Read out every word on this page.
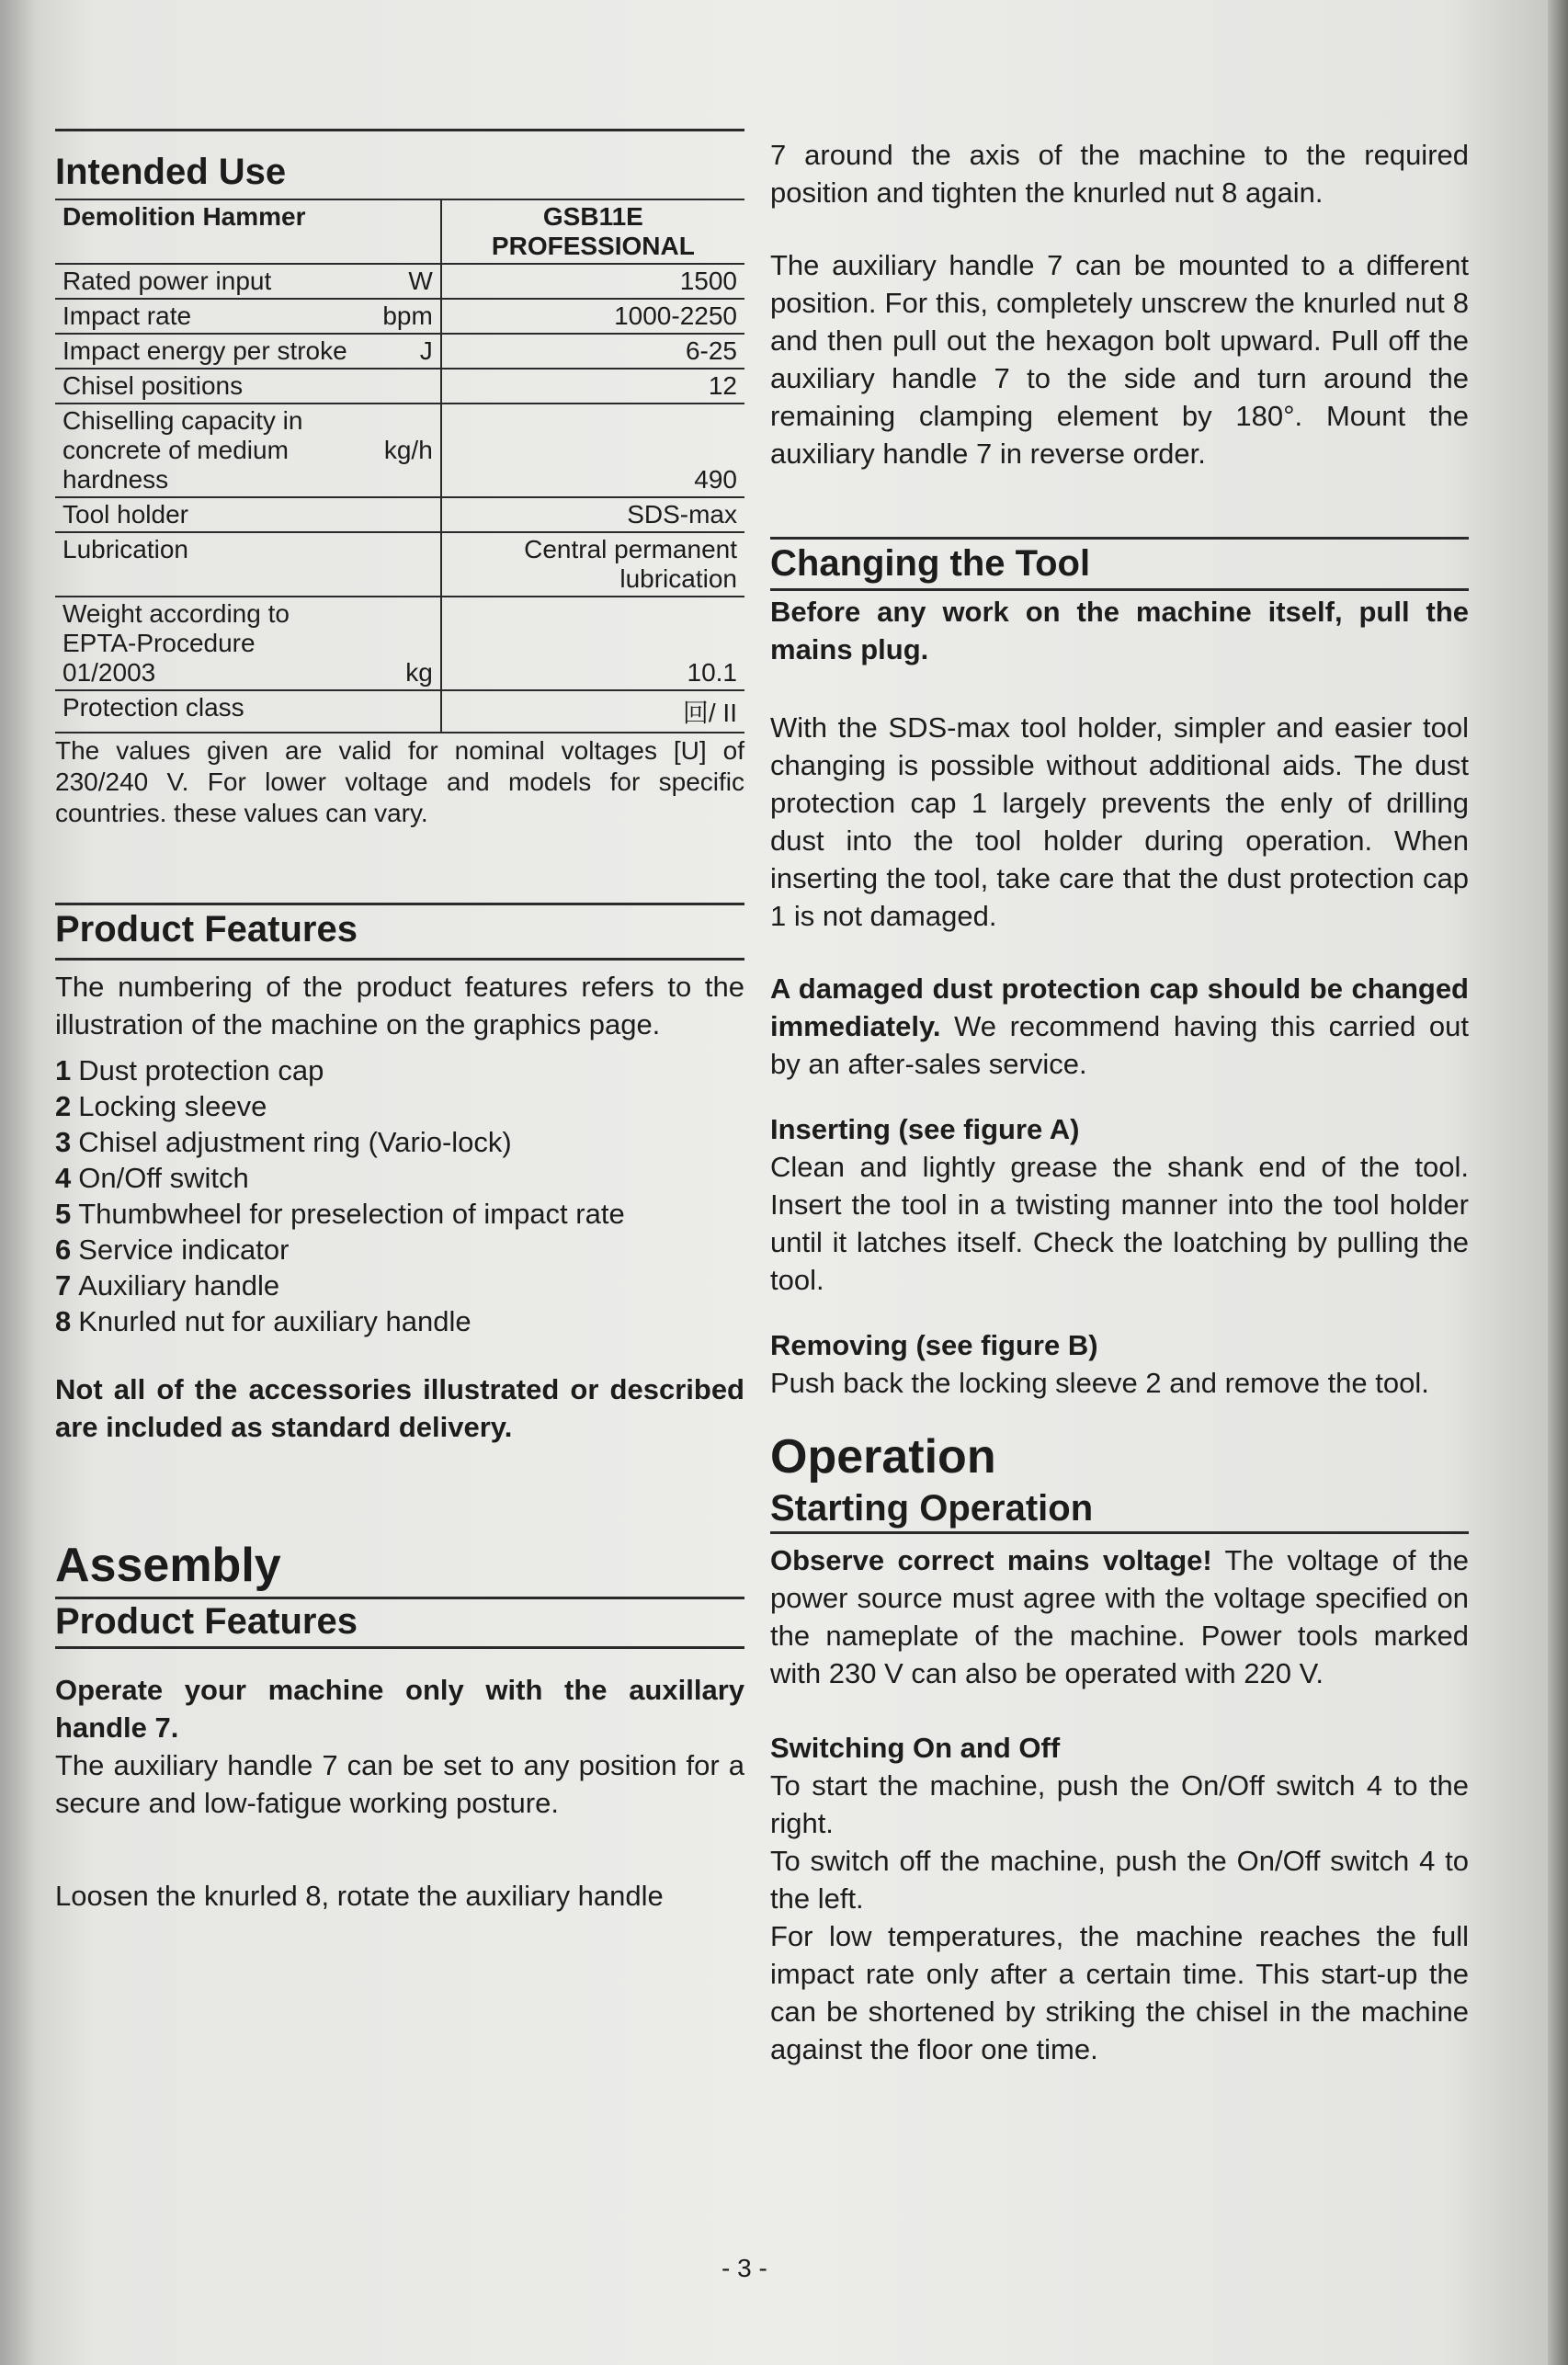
Intended Use
Demolition Hammer		GSB11E
PROFESSIONAL

Rated power input	W	1500
Impact rate	bpm	1000-2250
Impact energy per stroke	J	6-25
Chisel positions		12
Chiselling capacity in concrete of medium hardness	kg/h	490
Tool holder		SDS-max
Lubrication		Central permanent lubrication
Weight according to EPTA-Procedure 01/2003	kg	10.1
Protection class		回/ II

The values given are valid for nominal voltages [U] of 230/240 V. For lower voltage and models for specific countries. these values can vary.

Product Features

The numbering of the product features refers to the illustration of the machine on the graphics page.

1 Dust protection cap
2 Locking sleeve
3 Chisel adjustment ring (Vario-lock)
4 On/Off switch
5 Thumbwheel for preselection of impact rate
6 Service indicator
7 Auxiliary handle
8 Knurled nut for auxiliary handle

Not all of the accessories illustrated or described are included as standard delivery.

Assembly
Product Features

Operate your machine only with the auxillary handle 7.

The auxiliary handle 7 can be set to any position for a secure and low-fatigue working posture.

Loosen the knurled 8, rotate the auxiliary handle

7 around the axis of the machine to the required position and tighten the knurled nut 8 again.

The auxiliary handle 7 can be mounted to a different position. For this, completely unscrew the knurled nut 8 and then pull out the hexagon bolt upward. Pull off the auxiliary handle 7 to the side and turn around the remaining clamping element by 180°. Mount the auxiliary handle 7 in reverse order.

Changing the Tool

Before any work on the machine itself, pull the mains plug.

With the SDS-max tool holder, simpler and easier tool changing is possible without additional aids. The dust protection cap 1 largely prevents the enly of drilling dust into the tool holder during operation. When inserting the tool, take care that the dust protection cap 1 is not damaged.

A damaged dust protection cap should be changed immediately. We recommend having this carried out by an after-sales service.

Inserting (see figure A)

Clean and lightly grease the shank end of the tool. Insert the tool in a twisting manner into the tool holder until it latches itself. Check the loatching by pulling the tool.

Removing (see figure B)

Push back the locking sleeve 2 and remove the tool.

Operation
Starting Operation

Observe correct mains voltage! The voltage of the power source must agree with the voltage specified on the nameplate of the machine. Power tools marked with 230 V can also be operated with 220 V.

Switching On and Off

To start the machine, push the On/Off switch 4 to the right.

To switch off the machine, push the On/Off switch 4 to the left.

For low temperatures, the machine reaches the full impact rate only after a certain time. This start-up the can be shortened by striking the chisel in the machine against the floor one time.

- 3 -
